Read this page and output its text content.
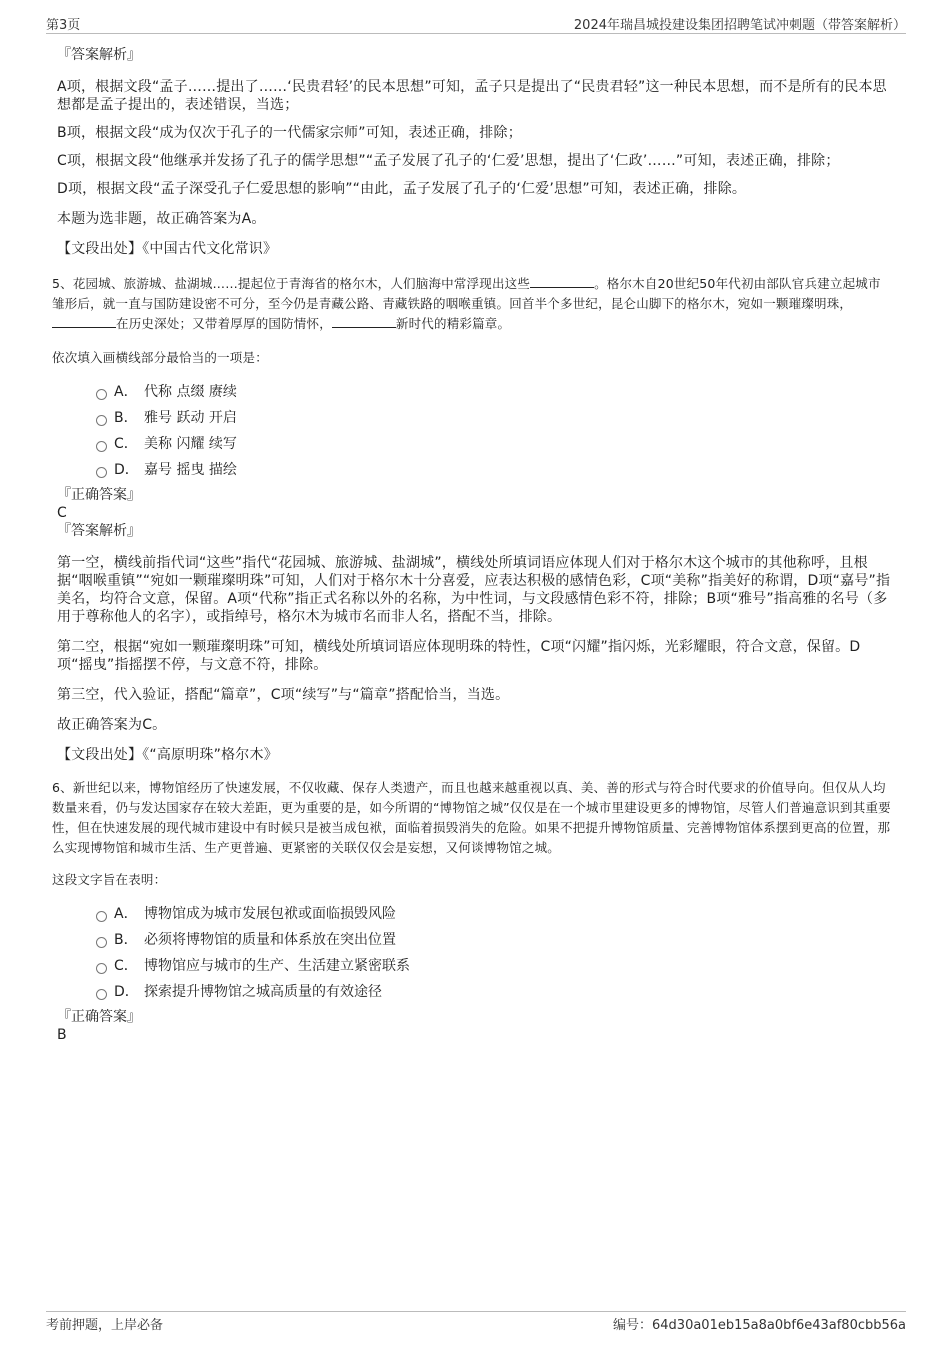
第3页	2024年瑞昌城投建设集团招聘笔试冲刺题（带答案解析）
『答案解析』

A项，根据文段“孟子……提出了……‘民贵君轻’的民本思想”可知，孟子只是提出了“民贵君轻”这一种民本思想，而不是所有的民本思想都是孟子提出的，表述错误，当选；

B项，根据文段“成为仅次于孔子的一代儒家宗师”可知，表述正确，排除；

C项，根据文段“他继承并发扬了孔子的儒学思想”“孟子发展了孔子的‘仁爱’思想，提出了‘仁政’……”可知，表述正确，排除；

D项，根据文段“孟子深受孔子仁爱思想的影响”“由此，孟子发展了孔子的‘仁爱’思想”可知，表述正确，排除。

本题为选非题，故正确答案为A。

【文段出处】《中国古代文化常识》

5、花园城、旅游城、盐湖城……提起位于青海省的格尔木，人们脑海中常浮现出这些	。格尔木自20世纪50年代初由部队官兵建立起城市雏形后，就一直与国防建设密不可分，至今仍是青藏公路、青藏铁路的咽喉重镇。回首半个多世纪，昆仑山脚下的格尔木，宛如一颗璀璨明珠，在历史深处；又带着厚厚的国防情怀，	新时代的精彩篇章。

依次填入画横线部分最恰当的一项是：

A． 代称 点缀 赓续
B． 雅号 跃动 开启
C． 美称 闪耀 续写
D． 嘉号 摇曳 描绘
『正确答案』
C
『答案解析』

第一空，横线前指代词“这些”指代“花园城、旅游城、盐湖城”，横线处所填词语应体现人们对于格尔木这个城市的其他称呼，且根据“咽喉重镇”“宛如一颗璀璨明珠”可知，人们对于格尔木十分喜爱，应表达积极的感情色彩，C项“美称”指美好的称谓，D项“嘉号”指美名，均符合文意，保留。A项“代称”指正式名称以外的名称，为中性词，与文段感情色彩不符，排除；B项“雅号”指高雅的名号（多用于尊称他人的名字），或指绰号，格尔木为城市名而非人名，搭配不当，排除。

第二空，根据“宛如一颗璀璨明珠”可知，横线处所填词语应体现明珠的特性，C项“闪耀”指闪烁，光彩耀眼，符合文意，保留。D项“摇曳”指摇摆不停，与文意不符，排除。

第三空，代入验证，搭配“篇章”，C项“续写”与“篇章”搭配恰当，当选。

故正确答案为C。

【文段出处】《“高原明珠”格尔木》

6、新世纪以来，博物馆经历了快速发展，不仅收藏、保存人类遗产，而且也越来越重视以真、美、善的形式与符合时代要求的价值导向。但仅从人均数量来看，仍与发达国家存在较大差距，更为重要的是，如今所谓的“博物馆之城”仅仅是在一个城市里建设更多的博物馆，尽管人们普遍意识到其重要性，但在快速发展的现代城市建设中有时候只是被当成包袱，面临着损毁消失的危险。如果不把提升博物馆质量、完善博物馆体系摆到更高的位置，那么实现博物馆和城市生活、生产更普遍、更紧密的关联仅仅会是妄想，又何谈博物馆之城。

这段文字旨在表明：

A． 博物馆成为城市发展包袱或面临损毁风险
B． 必须将博物馆的质量和体系放在突出位置
C． 博物馆应与城市的生产、生活建立紧密联系
D． 探索提升博物馆之城高质量的有效途径
『正确答案』
B
考前押题，上岸必备	编号：64d30a01eb15a8a0bf6e43af80cbb56a
